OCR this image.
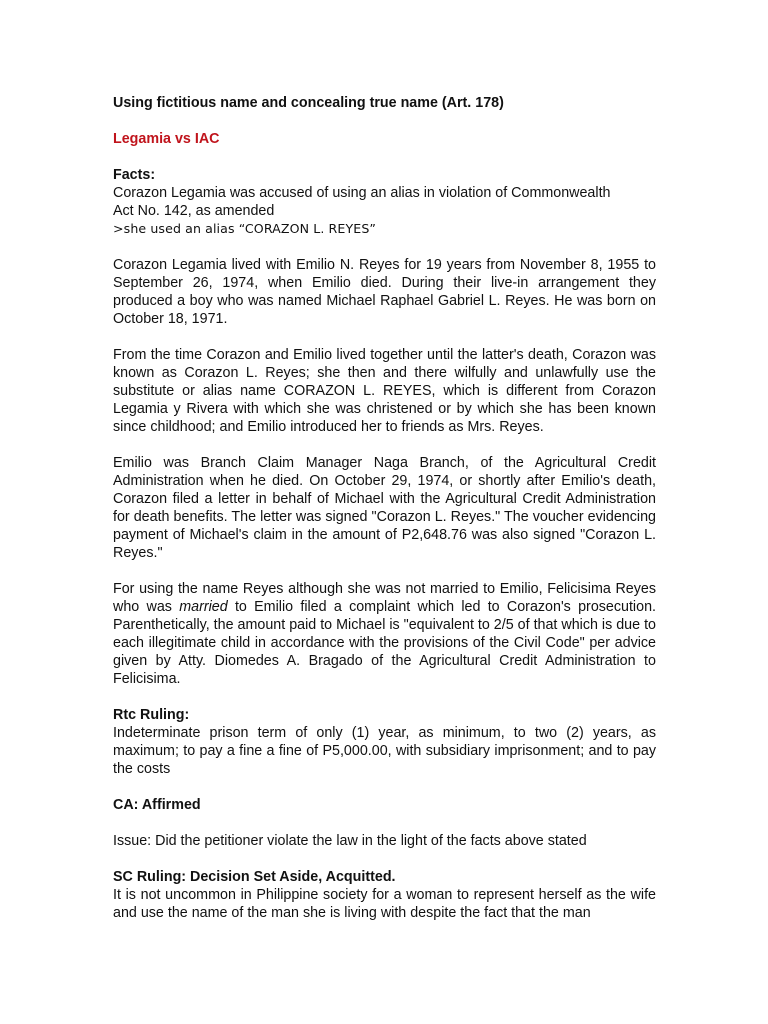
Using fictitious name and concealing true name (Art. 178)

Legamia vs IAC

Facts:

Corazon Legamia was accused of using an alias in violation of Commonwealth

Act No. 142, as amended

>she used an alias “CORAZON L. REYES”

Corazon Legamia lived with Emilio N. Reyes for 19 years from November 8, 1955 to September 26, 1974, when Emilio died. During their live-in arrangement they produced a boy who was named Michael Raphael Gabriel L. Reyes. He was born on October 18, 1971.

From the time Corazon and Emilio lived together until the latter's death, Corazon was known as Corazon L. Reyes; she then and there wilfully and unlawfully use the substitute or alias name CORAZON L. REYES, which is different from Corazon Legamia y Rivera with which she was christened or by which she has been known since childhood; and Emilio introduced her to friends as Mrs. Reyes.

Emilio was Branch Claim Manager Naga Branch, of the Agricultural Credit Administration when he died. On October 29, 1974, or shortly after Emilio's death, Corazon filed a letter in behalf of Michael with the Agricultural Credit Administration for death benefits. The letter was signed "Corazon L. Reyes." The voucher evidencing payment of Michael's claim in the amount of P2,648.76 was also signed "Corazon L. Reyes."

For using the name Reyes although she was not married to Emilio, Felicisima Reyes who was married to Emilio filed a complaint which led to Corazon's prosecution. Parenthetically, the amount paid to Michael is "equivalent to 2/5 of that which is due to each illegitimate child in accordance with the provisions of the Civil Code" per advice given by Atty. Diomedes A. Bragado of the Agricultural Credit Administration to Felicisima.

Rtc Ruling:

Indeterminate prison term of only (1) year, as minimum, to two (2) years, as maximum; to pay a fine a fine of P5,000.00, with subsidiary imprisonment; and to pay the costs

CA: Affirmed

Issue: Did the petitioner violate the law in the light of the facts above stated

SC Ruling: Decision Set Aside, Acquitted.

It is not uncommon in Philippine society for a woman to represent herself as the wife and use the name of the man she is living with despite the fact that the man
